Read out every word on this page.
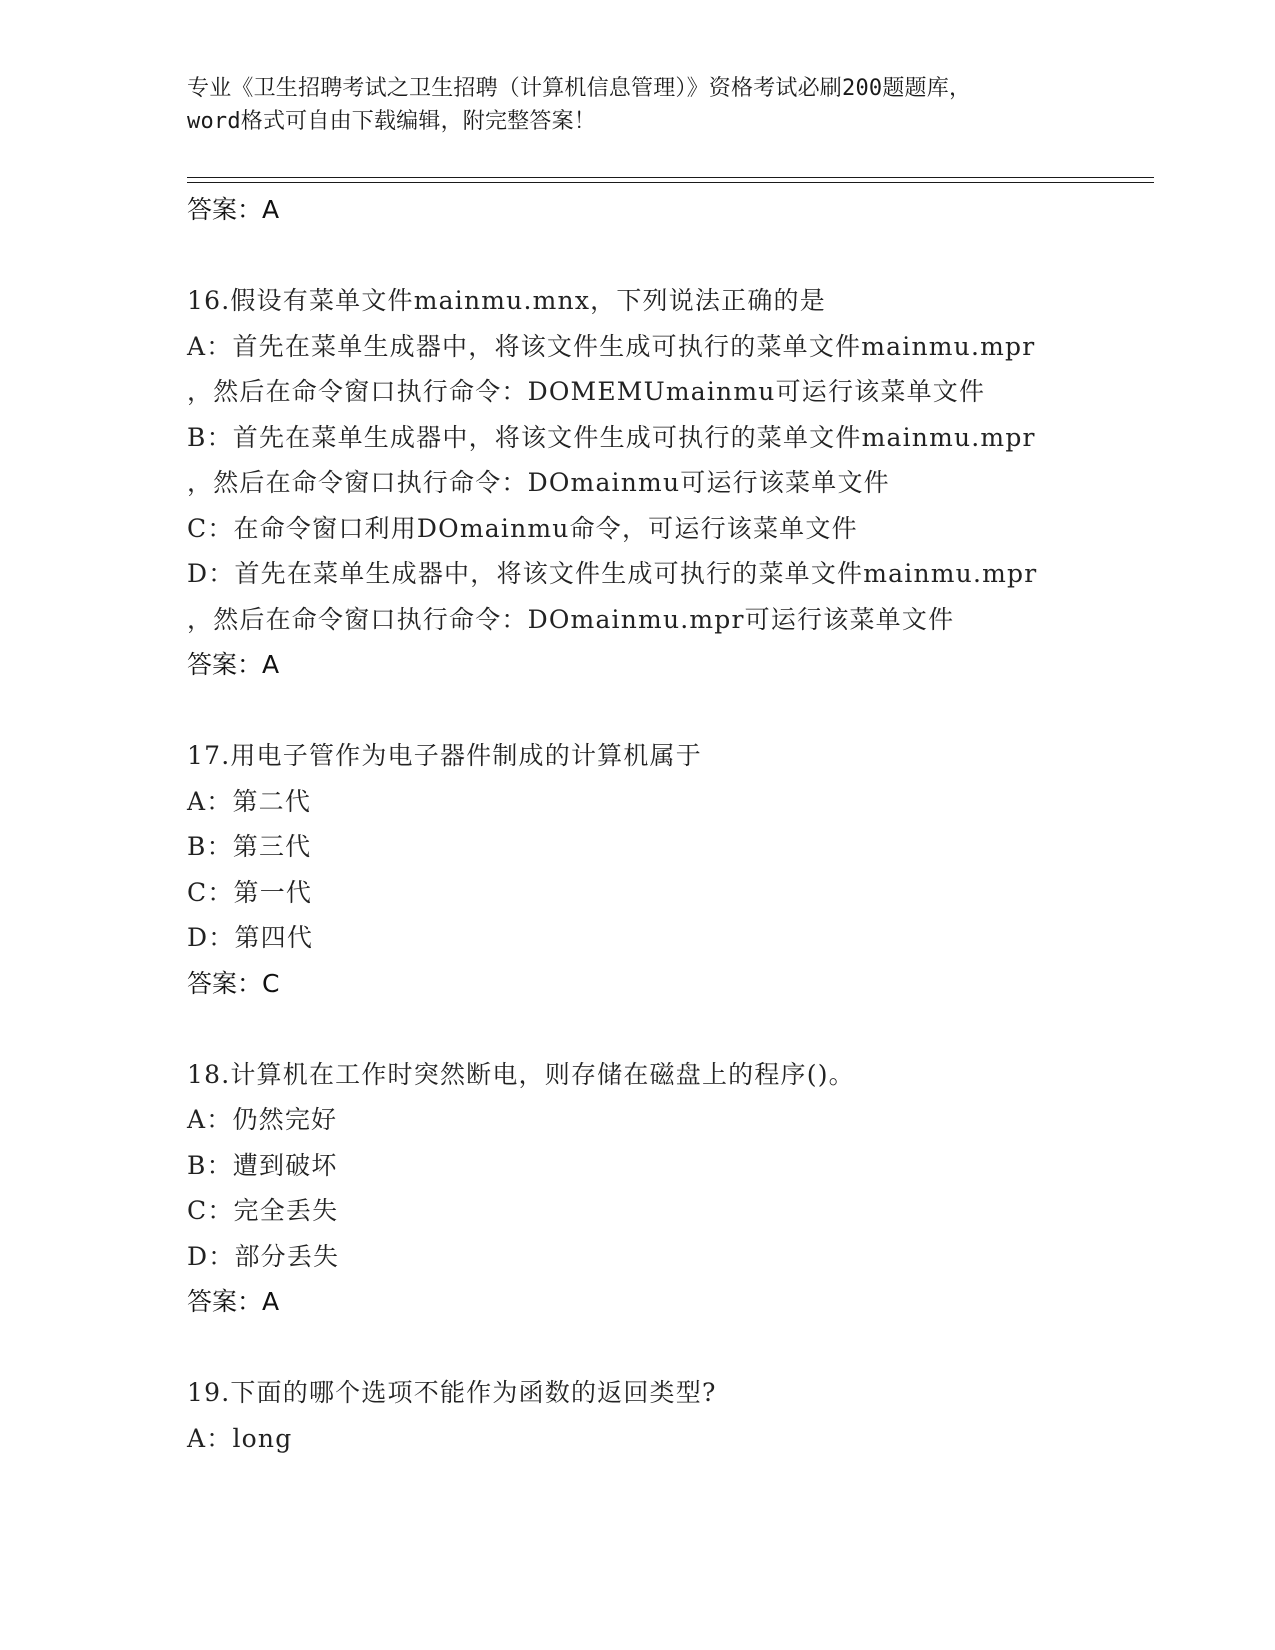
专业《卫生招聘考试之卫生招聘（计算机信息管理）》资格考试必刷200题题库，
word格式可自由下载编辑，附完整答案！
答案：A
16.假设有菜单文件mainmu.mnx，下列说法正确的是
A：首先在菜单生成器中，将该文件生成可执行的菜单文件mainmu.mpr
，然后在命令窗口执行命令：DOMEMUmainmu可运行该菜单文件
B：首先在菜单生成器中，将该文件生成可执行的菜单文件mainmu.mpr
，然后在命令窗口执行命令：DOmainmu可运行该菜单文件
C：在命令窗口利用DOmainmu命令，可运行该菜单文件
D：首先在菜单生成器中，将该文件生成可执行的菜单文件mainmu.mpr
，然后在命令窗口执行命令：DOmainmu.mpr可运行该菜单文件
答案：A
17.用电子管作为电子器件制成的计算机属于
A：第二代
B：第三代
C：第一代
D：第四代
答案：C
18.计算机在工作时突然断电，则存储在磁盘上的程序()。
A：仍然完好
B：遭到破坏
C：完全丢失
D：部分丢失
答案：A
19.下面的哪个选项不能作为函数的返回类型?
A：long
